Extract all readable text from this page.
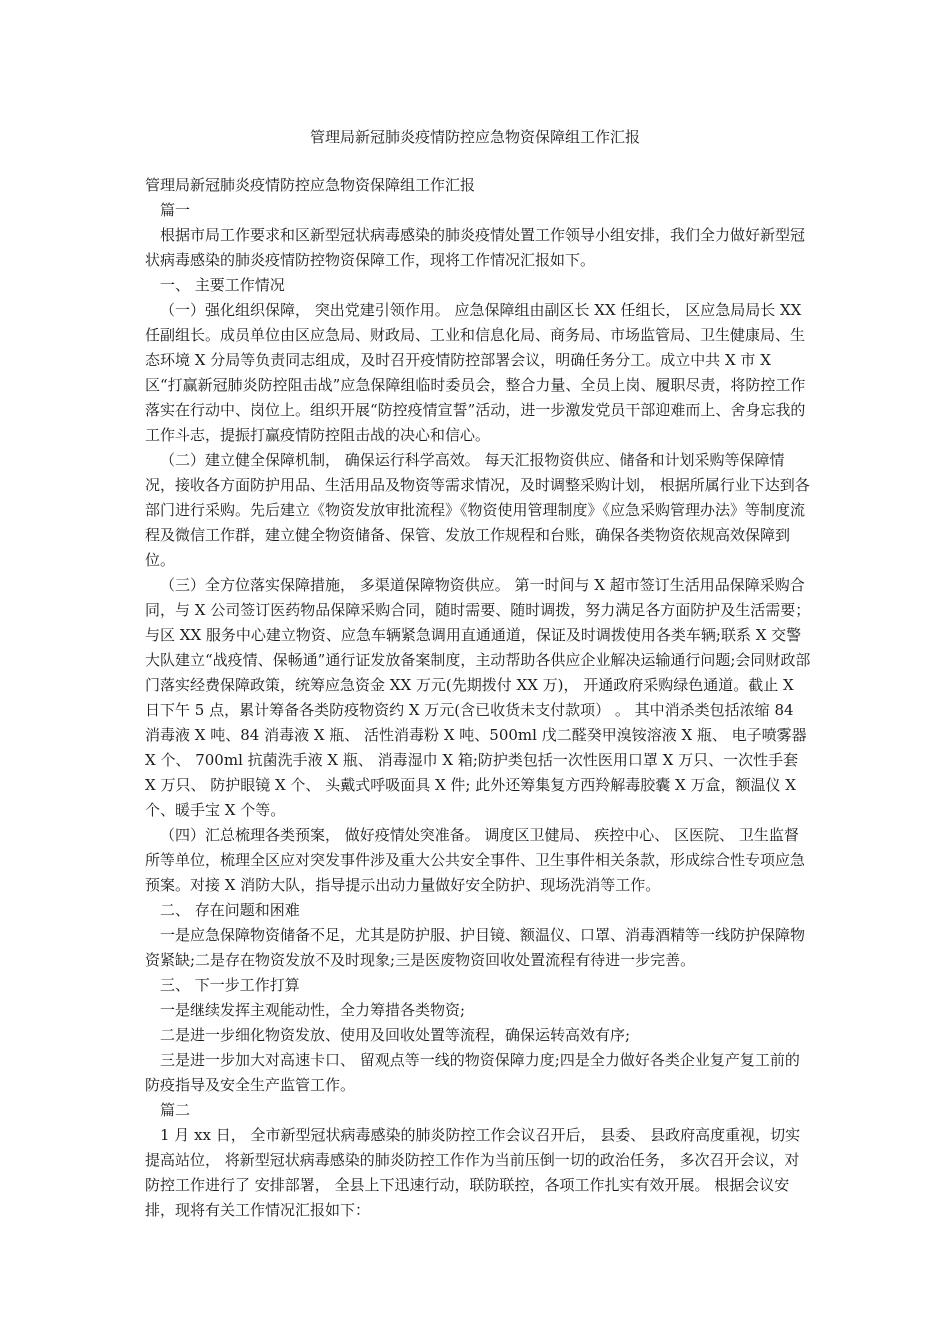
管理局新冠肺炎疫情防控应急物资保障组工作汇报

管理局新冠肺炎疫情防控应急物资保障组工作汇报

篇一

根据市局工作要求和区新型冠状病毒感染的肺炎疫情处置工作领导小组安排，我们全力做好新型冠状病毒感染的肺炎疫情防控物资保障工作，现将工作情况汇报如下。

一、 主要工作情况

（一）强化组织保障， 突出党建引领作用。 应急保障组由副区长 XX 任组长， 区应急局局长 XX 任副组长。成员单位由区应急局、财政局、工业和信息化局、商务局、市场监管局、卫生健康局、生态环境 X 分局等负责同志组成，及时召开疫情防控部署会议，明确任务分工。成立中共 X 市 X 区“打赢新冠肺炎防控阻击战”应急保障组临时委员会，整合力量、全员上岗、履职尽责，将防控工作落实在行动中、岗位上。组织开展“防控疫情宣誓”活动，进一步激发党员干部迎难而上、舍身忘我的工作斗志，提振打赢疫情防控阻击战的决心和信心。

（二）建立健全保障机制， 确保运行科学高效。 每天汇报物资供应、储备和计划采购等保障情况，接收各方面防护用品、生活用品及物资等需求情况，及时调整采购计划， 根据所属行业下达到各部门进行采购。先后建立《物资发放审批流程》《物资使用管理制度》《应急采购管理办法》等制度流程及微信工作群，建立健全物资储备、保管、发放工作规程和台账，确保各类物资依规高效保障到位。

（三）全方位落实保障措施， 多渠道保障物资供应。 第一时间与 X 超市签订生活用品保障采购合同，与 X 公司签订医药物品保障采购合同，随时需要、随时调拨，努力满足各方面防护及生活需要；与区 XX 服务中心建立物资、应急车辆紧急调用直通通道，保证及时调拨使用各类车辆;联系 X 交警大队建立“战疫情、保畅通”通行证发放备案制度，主动帮助各供应企业解决运输通行问题;会同财政部门落实经费保障政策，统筹应急资金 XX 万元(先期拨付 XX 万)， 开通政府采购绿色通道。截止 X 日下午 5 点，累计筹备各类防疫物资约 X 万元(含已收货未支付款项） 。 其中消杀类包括浓缩 84 消毒液 X 吨、84 消毒液 X 瓶、 活性消毒粉 X 吨、500ml 戊二醛癸甲溴铵溶液 X 瓶、 电子喷雾器 X 个、 700ml 抗菌洗手液 X 瓶、 消毒湿巾 X 箱;防护类包括一次性医用口罩 X 万只、一次性手套 X 万只、 防护眼镜 X 个、 头戴式呼吸面具 X 件; 此外还筹集复方西羚解毒胶囊 X 万盒，额温仪 X 个、暖手宝 X 个等。

（四）汇总梳理各类预案， 做好疫情处突准备。 调度区卫健局、 疾控中心、 区医院、 卫生监督所等单位，梳理全区应对突发事件涉及重大公共安全事件、卫生事件相关条款，形成综合性专项应急预案。对接 X 消防大队，指导提示出动力量做好安全防护、现场洗消等工作。

二、 存在问题和困难

一是应急保障物资储备不足，尤其是防护服、护目镜、额温仪、口罩、消毒酒精等一线防护保障物资紧缺;二是存在物资发放不及时现象;三是医废物资回收处置流程有待进一步完善。

三、 下一步工作打算

一是继续发挥主观能动性，全力筹措各类物资;

二是进一步细化物资发放、使用及回收处置等流程，确保运转高效有序;

三是进一步加大对高速卡口、 留观点等一线的物资保障力度;四是全力做好各类企业复产复工前的防疫指导及安全生产监管工作。

篇二

1 月 xx 日， 全市新型冠状病毒感染的肺炎防控工作会议召开后， 县委、 县政府高度重视，切实提高站位， 将新型冠状病毒感染的肺炎防控工作作为当前压倒一切的政治任务， 多次召开会议，对防控工作进行了 安排部署， 全县上下迅速行动，联防联控，各项工作扎实有效开展。 根据会议安排，现将有关工作情况汇报如下：
